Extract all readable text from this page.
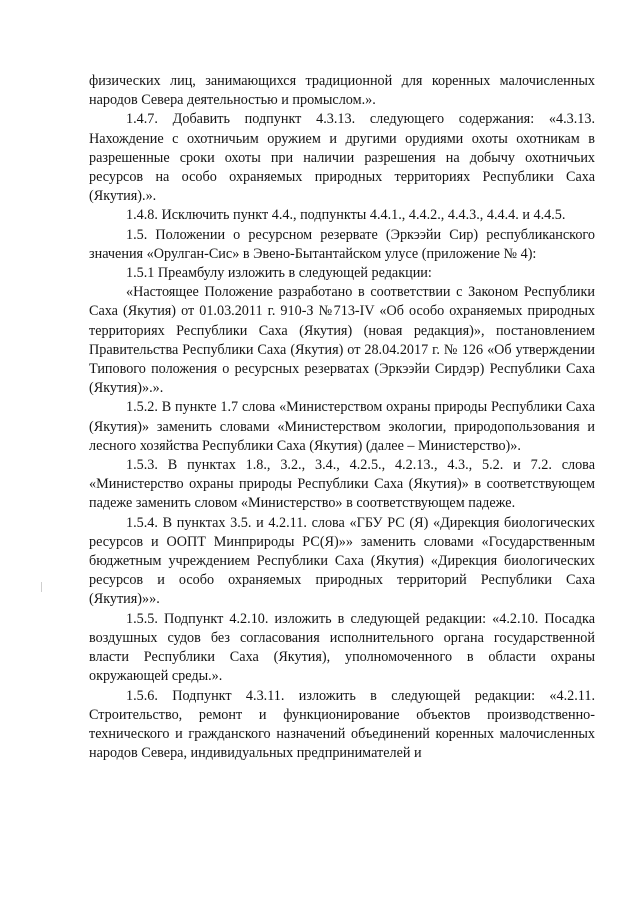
физических лиц, занимающихся традиционной для коренных малочисленных народов Севера деятельностью и промыслом.».

1.4.7. Добавить подпункт 4.3.13. следующего содержания: «4.3.13. Нахождение с охотничьим оружием и другими орудиями охоты охотникам в разрешенные сроки охоты при наличии разрешения на добычу охотничьих ресурсов на особо охраняемых природных территориях Республики Саха (Якутия).».

1.4.8. Исключить пункт 4.4., подпункты 4.4.1., 4.4.2., 4.4.3., 4.4.4. и 4.4.5.

1.5. Положении о ресурсном резервате (Эркээйи Сир) республиканского значения «Орулган-Сис» в Эвено-Бытантайском улусе (приложение № 4):

1.5.1 Преамбулу изложить в следующей редакции:

«Настоящее Положение разработано в соответствии с Законом Республики Саха (Якутия) от 01.03.2011 г. 910-З №713-IV «Об особо охраняемых природных территориях Республики Саха (Якутия) (новая редакция)», постановлением Правительства Республики Саха (Якутия) от 28.04.2017 г. № 126 «Об утверждении Типового положения о ресурсных резерватах (Эркээйи Сирдэр) Республики Саха (Якутия)».».

1.5.2. В пункте 1.7 слова «Министерством охраны природы Республики Саха (Якутия)» заменить словами «Министерством экологии, природопользования и лесного хозяйства Республики Саха (Якутия) (далее – Министерство)».

1.5.3. В пунктах 1.8., 3.2., 3.4., 4.2.5., 4.2.13., 4.3., 5.2. и 7.2. слова «Министерство охраны природы Республики Саха (Якутия)» в соответствующем падеже заменить словом «Министерство» в соответствующем падеже.

1.5.4. В пунктах 3.5. и 4.2.11. слова «ГБУ РС (Я) «Дирекция биологических ресурсов и ООПТ Минприроды РС(Я)»» заменить словами «Государственным бюджетным учреждением Республики Саха (Якутия) «Дирекция биологических ресурсов и особо охраняемых природных территорий Республики Саха (Якутия)»».

1.5.5. Подпункт 4.2.10. изложить в следующей редакции: «4.2.10. Посадка воздушных судов без согласования исполнительного органа государственной власти Республики Саха (Якутия), уполномоченного в области охраны окружающей среды.».

1.5.6. Подпункт 4.3.11. изложить в следующей редакции: «4.2.11. Строительство, ремонт и функционирование объектов производственно-технического и гражданского назначений объединений коренных малочисленных народов Севера, индивидуальных предпринимателей и
